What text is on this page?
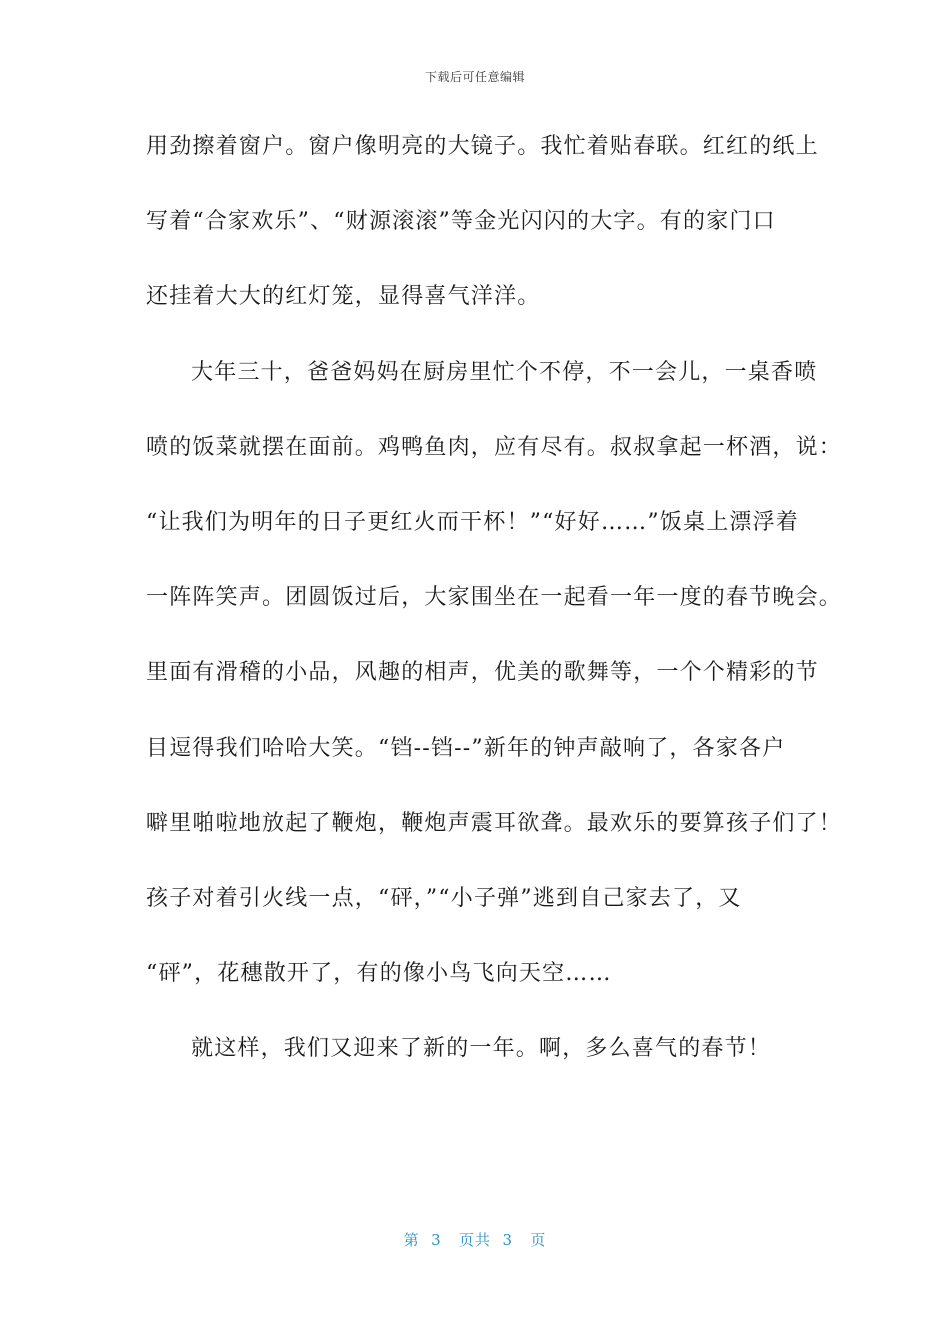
下载后可任意编辑
用劲擦着窗户。窗户像明亮的大镜子。我忙着贴春联。红红的纸上
写着“合家欢乐”、“财源滚滚”等金光闪闪的大字。有的家门口
还挂着大大的红灯笼，显得喜气洋洋。
大年三十，爸爸妈妈在厨房里忙个不停，不一会儿，一桌香喷
喷的饭菜就摆在面前。鸡鸭鱼肉，应有尽有。叔叔拿起一杯酒，说：
“让我们为明年的日子更红火而干杯！”“好好……”饭桌上漂浮着
一阵阵笑声。团圆饭过后，大家围坐在一起看一年一度的春节晚会。
里面有滑稽的小品，风趣的相声，优美的歌舞等，一个个精彩的节
目逗得我们哈哈大笑。“铛--铛--”新年的钟声敲响了，各家各户
噼里啪啦地放起了鞭炮，鞭炮声震耳欲聋。最欢乐的要算孩子们了！
孩子对着引火线一点，“砰，”“小子弹”逃到自己家去了，又
“砰”，花穗散开了，有的像小鸟飞向天空……
就这样，我们又迎来了新的一年。啊，多么喜气的春节！
第  3   页共  3   页
